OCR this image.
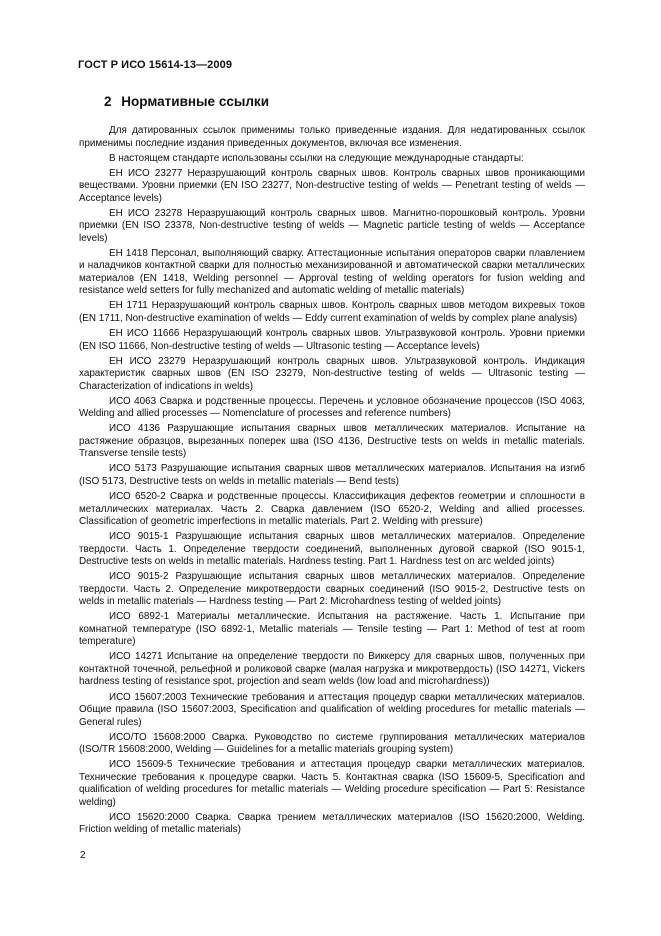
ГОСТ Р ИСО 15614-13—2009
2 Нормативные ссылки

Для датированных ссылок применимы только приведенные издания. Для недатированных ссылок применимы последние издания приведенных документов, включая все изменения.

В настоящем стандарте использованы ссылки на следующие международные стандарты:

ЕН ИСО 23277 Неразрушающий контроль сварных швов. Контроль сварных швов проникающими веществами. Уровни приемки (EN ISO 23277, Non-destructive testing of welds — Penetrant testing of welds — Acceptance levels)

ЕН ИСО 23278 Неразрушающий контроль сварных швов. Магнитно-порошковый контроль. Уровни приемки (EN ISO 23378, Non-destructive testing of welds — Magnetic particle testing of welds — Acceptance levels)

ЕН 1418 Персонал, выполняющий сварку. Аттестационные испытания операторов сварки плавлением и наладчиков контактной сварки для полностью механизированной и автоматической сварки металлических материалов (EN 1418, Welding personnel — Approval testing of welding operators for fusion welding and resistance weld setters for fully mechanized and automatic welding of metallic materials)

ЕН 1711 Неразрушающий контроль сварных швов. Контроль сварных швов методом вихревых токов (EN 1711, Non-destructive examination of welds — Eddy current examination of welds by complex plane analysis)

ЕН ИСО 11666 Неразрушающий контроль сварных швов. Ультразвуковой контроль. Уровни приемки (EN ISO 11666, Non-destructive testing of welds — Ultrasonic testing — Acceptance levels)

ЕН ИСО 23279 Неразрушающий контроль сварных швов. Ультразвуковой контроль. Индикация характеристик сварных швов (EN ISO 23279, Non-destructive testing of welds — Ultrasonic testing — Characterization of indications in welds)

ИСО 4063 Сварка и родственные процессы. Перечень и условное обозначение процессов (ISO 4063, Welding and allied processes — Nomenclature of processes and reference numbers)

ИСО 4136 Разрушающие испытания сварных швов металлических материалов. Испытание на растяжение образцов, вырезанных поперек шва (ISO 4136, Destructive tests on welds in metallic materials. Transverse tensile tests)

ИСО 5173 Разрушающие испытания сварных швов металлических материалов. Испытания на изгиб (ISO 5173, Destructive tests on welds in metallic materials — Bend tests)

ИСО 6520-2 Сварка и родственные процессы. Классификация дефектов геометрии и сплошности в металлических материалах. Часть 2. Сварка давлением (ISO 6520-2, Welding and allied processes. Classification of geometric imperfections in metallic materials. Part 2. Welding with pressure)

ИСО 9015-1 Разрушающие испытания сварных швов металлических материалов. Определение твердости. Часть 1. Определение твердости соединений, выполненных дуговой сваркой (ISO 9015-1, Destructive tests on welds in metallic materials. Hardness testing. Part 1. Hardness test on arc welded joints)

ИСО 9015-2 Разрушающие испытания сварных швов металлических материалов. Определение твердости. Часть 2. Определение микротвердости сварных соединений (ISO 9015-2, Destructive tests on welds in metallic materials — Hardness testing — Part 2: Microhardness testing of welded joints)

ИСО 6892-1 Материалы металлические. Испытания на растяжение. Часть 1. Испытание при комнатной температуре (ISO 6892-1, Metallic materials — Tensile testing — Part 1: Method of test at room temperature)

ИСО 14271 Испытание на определение твердости по Виккерсу для сварных швов, полученных при контактной точечной, рельефной и роликовой сварке (малая нагрузка и микротвердость) (ISO 14271, Vickers hardness testing of resistance spot, projection and seam welds (low load and microhardness))

ИСО 15607:2003 Технические требования и аттестация процедур сварки металлических материалов. Общие правила (ISO 15607:2003, Specification and qualification of welding procedures for metallic materials — General rules)

ИСО/ТО 15608:2000 Сварка. Руководство по системе группирования металлических материалов (ISO/TR 15608:2000, Welding — Guidelines for a metallic materials grouping system)

ИСО 15609-5 Технические требования и аттестация процедур сварки металлических материалов. Технические требования к процедуре сварки. Часть 5. Контактная сварка (ISO 15609-5, Specification and qualification of welding procedures for metallic materials — Welding procedure specification — Part 5: Resistance welding)

ИСО 15620:2000 Сварка. Сварка трением металлических материалов (ISO 15620:2000, Welding. Friction welding of metallic materials)

2
